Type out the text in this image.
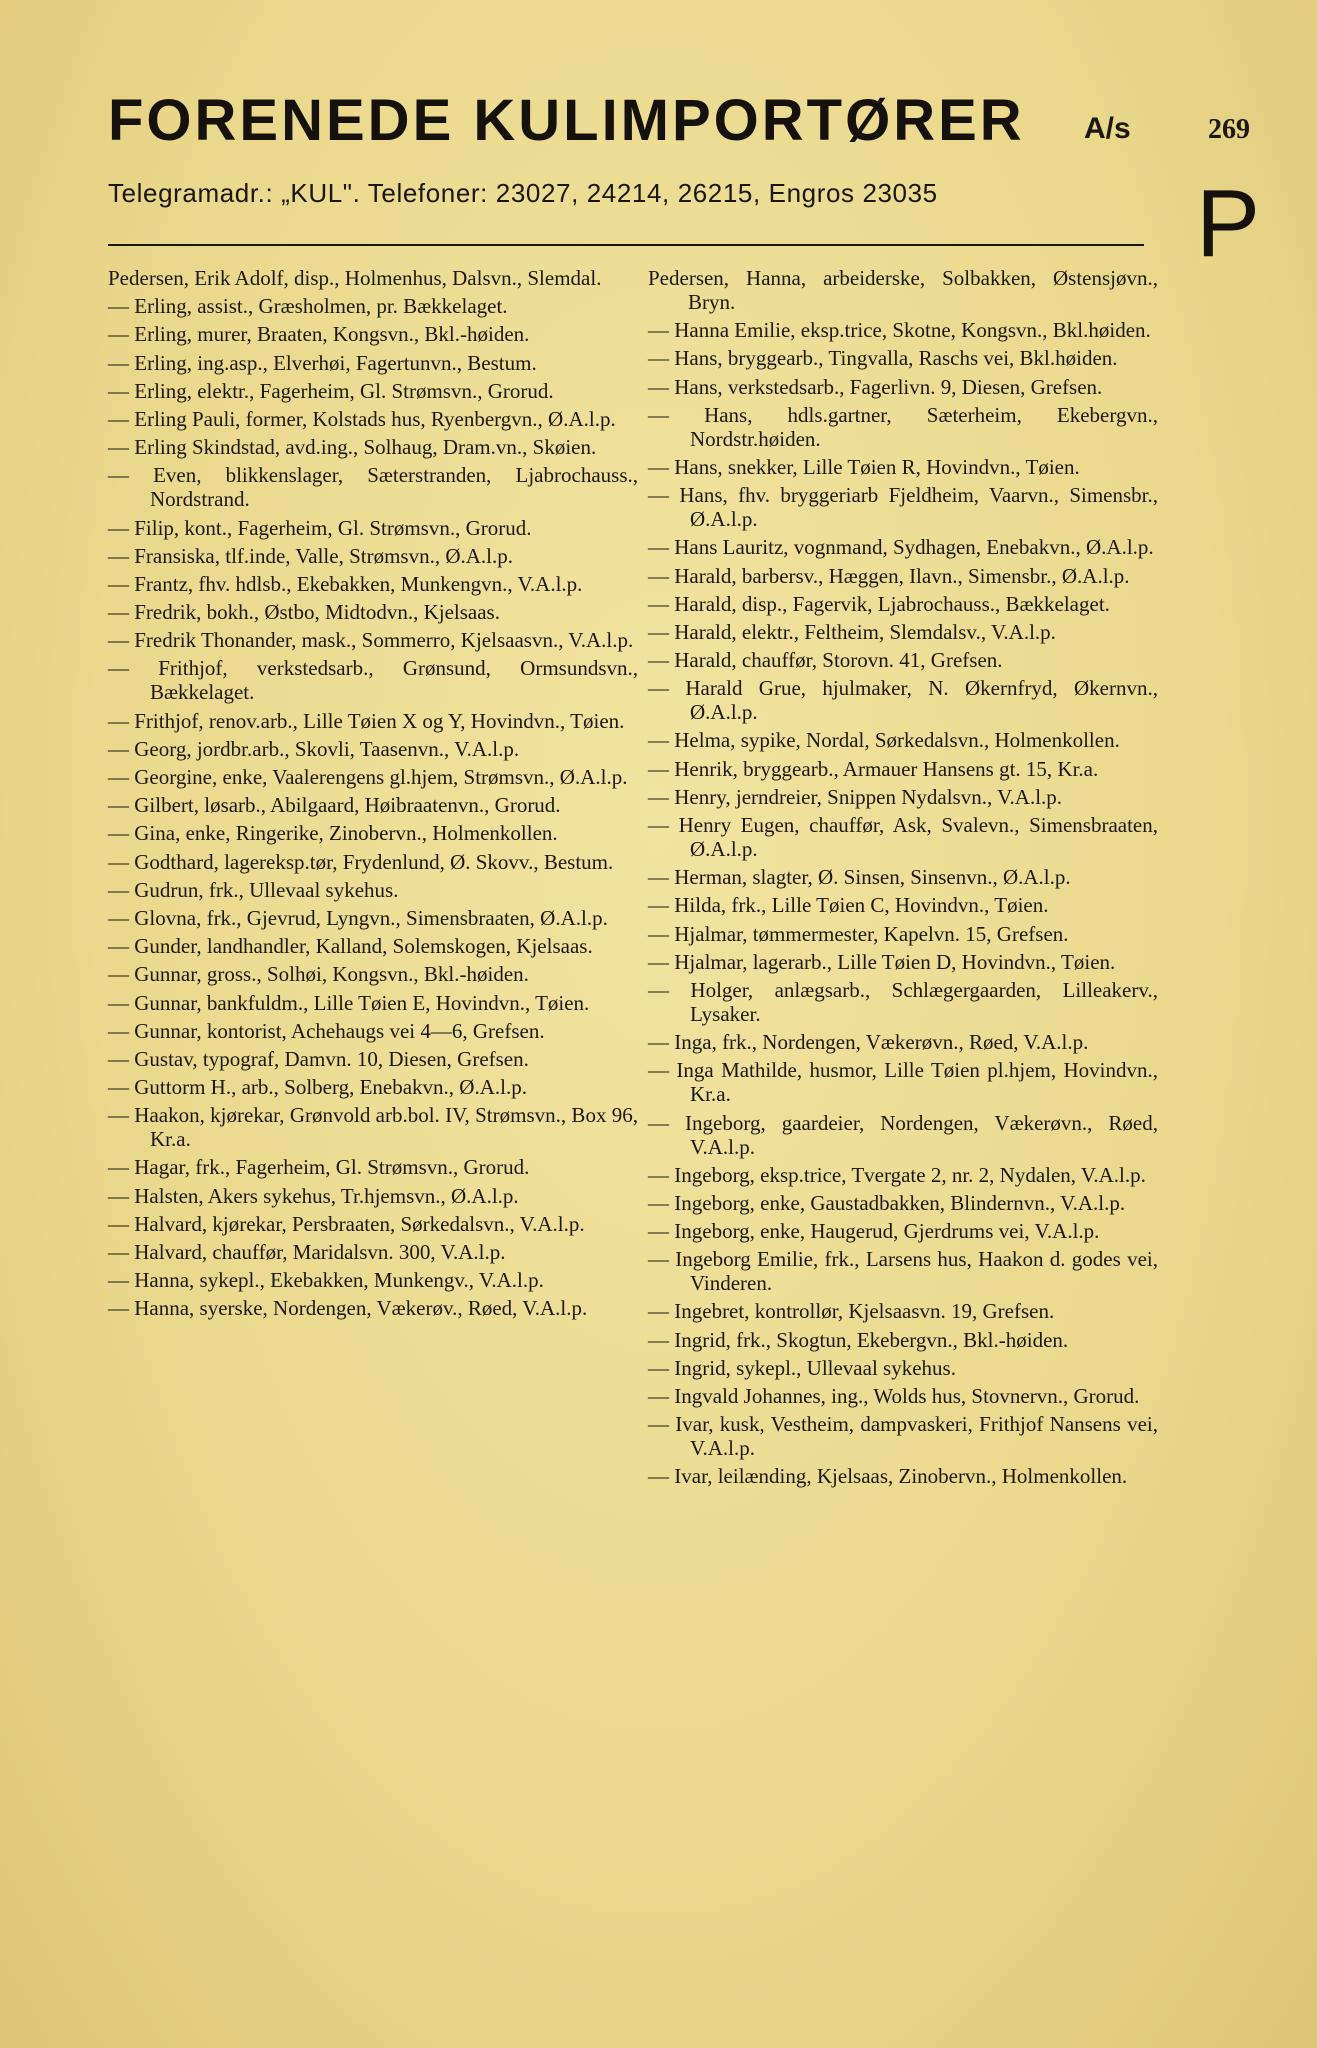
FORENEDE KULIMPORTØRER A/s
Telegramadr.: „KUL". Telefoner: 23027, 24214, 26215, Engros 23035
269
P

Pedersen, Erik Adolf, disp., Holmenhus, Dalsvn., Slemdal.

— Erling, assist., Græsholmen, pr. Bækkelaget.

— Erling, murer, Braaten, Kongsvn., Bkl.-høiden.

— Erling, ing.asp., Elverhøi, Fagertunvn., Bestum.

— Erling, elektr., Fagerheim, Gl. Strømsvn., Grorud.

— Erling Pauli, former, Kolstads hus, Ryenbergvn., Ø.A.l.p.

— Erling Skindstad, avd.ing., Solhaug, Dram.vn., Skøien.

— Even, blikkenslager, Sæterstranden, Ljabrochauss., Nordstrand.

— Filip, kont., Fagerheim, Gl. Strømsvn., Grorud.

— Fransiska, tlf.inde, Valle, Strømsvn., Ø.A.l.p.

— Frantz, fhv. hdlsb., Ekebakken, Munkengvn., V.A.l.p.

— Fredrik, bokh., Østbo, Midtodvn., Kjelsaas.

— Fredrik Thonander, mask., Sommerro, Kjelsaasvn., V.A.l.p.

— Frithjof, verkstedsarb., Grønsund, Ormsundsvn., Bækkelaget.

— Frithjof, renov.arb., Lille Tøien X og Y, Hovindvn., Tøien.

— Georg, jordbr.arb., Skovli, Taasenvn., V.A.l.p.

— Georgine, enke, Vaalerengens gl.hjem, Strømsvn., Ø.A.l.p.

— Gilbert, løsarb., Abilgaard, Høibraatenvn., Grorud.

— Gina, enke, Ringerike, Zinobervn., Holmenkollen.

— Godthard, lagereksp.tør, Frydenlund, Ø. Skovv., Bestum.

— Gudrun, frk., Ullevaal sykehus.

— Glovna, frk., Gjevrud, Lyngvn., Simensbraaten, Ø.A.l.p.

— Gunder, landhandler, Kalland, Solemskogen, Kjelsaas.

— Gunnar, gross., Solhøi, Kongsvn., Bkl.-høiden.

— Gunnar, bankfuldm., Lille Tøien E, Hovindvn., Tøien.

— Gunnar, kontorist, Achehaugs vei 4—6, Grefsen.

— Gustav, typograf, Damvn. 10, Diesen, Grefsen.

— Guttorm H., arb., Solberg, Enebakvn., Ø.A.l.p.

— Haakon, kjørekar, Grønvold arb.bol. IV, Strømsvn., Box 96, Kr.a.

— Hagar, frk., Fagerheim, Gl. Strømsvn., Grorud.

— Halsten, Akers sykehus, Tr.hjemsvn., Ø.A.l.p.

— Halvard, kjørekar, Persbraaten, Sørkedalsvn., V.A.l.p.

— Halvard, chauffør, Maridalsvn. 300, V.A.l.p.

— Hanna, sykepl., Ekebakken, Munkengv., V.A.l.p.

— Hanna, syerske, Nordengen, Vækerøv., Røed, V.A.l.p.

Pedersen, Hanna, arbeiderske, Solbakken, Østensjøvn., Bryn.

— Hanna Emilie, eksp.trice, Skotne, Kongsvn., Bkl.høiden.

— Hans, bryggearb., Tingvalla, Raschs vei, Bkl.høiden.

— Hans, verkstedsarb., Fagerlivn. 9, Diesen, Grefsen.

— Hans, hdls.gartner, Sæterheim, Ekebergvn., Nordstr.høiden.

— Hans, snekker, Lille Tøien R, Hovindvn., Tøien.

— Hans, fhv. bryggeriarb Fjeldheim, Vaarvn., Simensbr., Ø.A.l.p.

— Hans Lauritz, vognmand, Sydhagen, Enebakvn., Ø.A.l.p.

— Harald, barbersv., Hæggen, Ilavn., Simensbr., Ø.A.l.p.

— Harald, disp., Fagervik, Ljabrochauss., Bækkelaget.

— Harald, elektr., Feltheim, Slemdalsv., V.A.l.p.

— Harald, chauffør, Storovn. 41, Grefsen.

— Harald Grue, hjulmaker, N. Økernfryd, Økernvn., Ø.A.l.p.

— Helma, sypike, Nordal, Sørkedalsvn., Holmenkollen.

— Henrik, bryggearb., Armauer Hansens gt. 15, Kr.a.

— Henry, jerndreier, Snippen Nydalsvn., V.A.l.p.

— Henry Eugen, chauffør, Ask, Svalevn., Simensbraaten, Ø.A.l.p.

— Herman, slagter, Ø. Sinsen, Sinsenvn., Ø.A.l.p.

— Hilda, frk., Lille Tøien C, Hovindvn., Tøien.

— Hjalmar, tømmermester, Kapelvn. 15, Grefsen.

— Hjalmar, lagerarb., Lille Tøien D, Hovindvn., Tøien.

— Holger, anlægsarb., Schlægergaarden, Lilleakerv., Lysaker.

— Inga, frk., Nordengen, Vækerøvn., Røed, V.A.l.p.

— Inga Mathilde, husmor, Lille Tøien pl.hjem, Hovindvn., Kr.a.

— Ingeborg, gaardeier, Nordengen, Vækerøvn., Røed, V.A.l.p.

— Ingeborg, eksp.trice, Tvergate 2, nr. 2, Nydalen, V.A.l.p.

— Ingeborg, enke, Gaustadbakken, Blindernvn., V.A.l.p.

— Ingeborg, enke, Haugerud, Gjerdrums vei, V.A.l.p.

— Ingeborg Emilie, frk., Larsens hus, Haakon d. godes vei, Vinderen.

— Ingebret, kontrollør, Kjelsaasvn. 19, Grefsen.

— Ingrid, frk., Skogtun, Ekebergvn., Bkl.-høiden.

— Ingrid, sykepl., Ullevaal sykehus.

— Ingvald Johannes, ing., Wolds hus, Stovnervn., Grorud.

— Ivar, kusk, Vestheim, dampvaskeri, Frithjof Nansens vei, V.A.l.p.

— Ivar, leilænding, Kjelsaas, Zinobervn., Holmenkollen.
